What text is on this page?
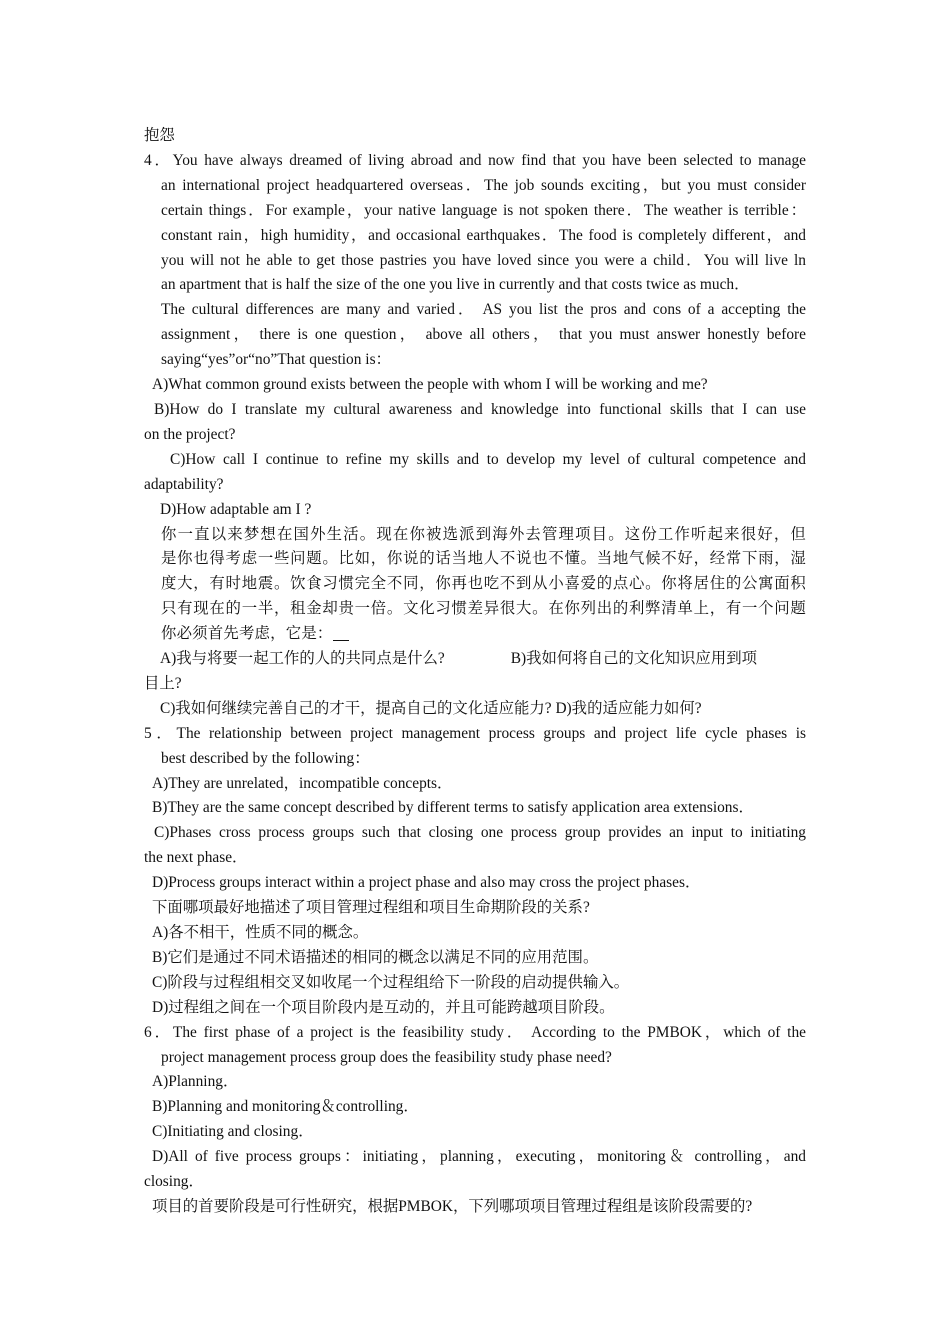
抱怨
4．You have always dreamed of living abroad and now find that you have been selected to manage
an international project headquartered overseas．The job sounds exciting，but you must consider
certain things．For example，your native language is not spoken there．The weather is terrible：
constant rain，high humidity，and occasional earthquakes．The food is completely different，and
you will not he able to get those pastries you have loved since you were a child．You will live ln
an apartment that is half the size of the one you live in currently and that costs twice as much．
The cultural differences are many and varied． AS you list the pros and cons of a accepting the
assignment， there is one question， above all others， that you must answer honestly before
saying“yes”or“no”That question is：
A)What common ground exists between the people with whom I will be working and me?
B)How do I translate my cultural awareness and knowledge into functional skills that I can use
on the project?
C)How call I continue to refine my skills and to develop my level of cultural competence and
adaptability?
D)How adaptable am I ?
你一直以来梦想在国外生活。现在你被选派到海外去管理项目。这份工作听起来很好，但
是你也得考虑一些问题。比如，你说的话当地人不说也不懂。当地气候不好，经常下雨，湿
度大，有时地震。饮食习惯完全不同，你再也吃不到从小喜爱的点心。你将居住的公寓面积
只有现在的一半，租金却贵一倍。文化习惯差异很大。在你列出的利弊清单上，有一个问题
你必须首先考虑，它是：
A)我与将要一起工作的人的共同点是什么?	B)我如何将自己的文化知识应用到项
目上?
C)我如何继续完善自己的才干，提高自己的文化适应能力? D)我的适应能力如何?
5．The relationship between project management process groups and project life cycle phases is
best described by the following：
A)They are unrelated，incompatible concepts．
B)They are the same concept described by different terms to satisfy application area extensions．
C)Phases cross process groups such that closing one process group provides an input to initiating
the next phase．
D)Process groups interact within a project phase and also may cross the project phases．
下面哪项最好地描述了项目管理过程组和项目生命期阶段的关系?
A)各不相干，性质不同的概念。
B)它们是通过不同术语描述的相同的概念以满足不同的应用范围。
C)阶段与过程组相交叉如收尾一个过程组给下一阶段的启动提供输入。
D)过程组之间在一个项目阶段内是互动的，并且可能跨越项目阶段。
6．The first phase of a project is the feasibility study． According to the PMBOK，which of the
project management process group does the feasibility study phase need?
A)Planning．
B)Planning and monitoring＆controlling．
C)Initiating and closing．
D)All of five process groups：initiating，planning，executing，monitoring＆ controlling，and
closing．
项目的首要阶段是可行性研究，根据PMBOK，下列哪项项目管理过程组是该阶段需要的?
